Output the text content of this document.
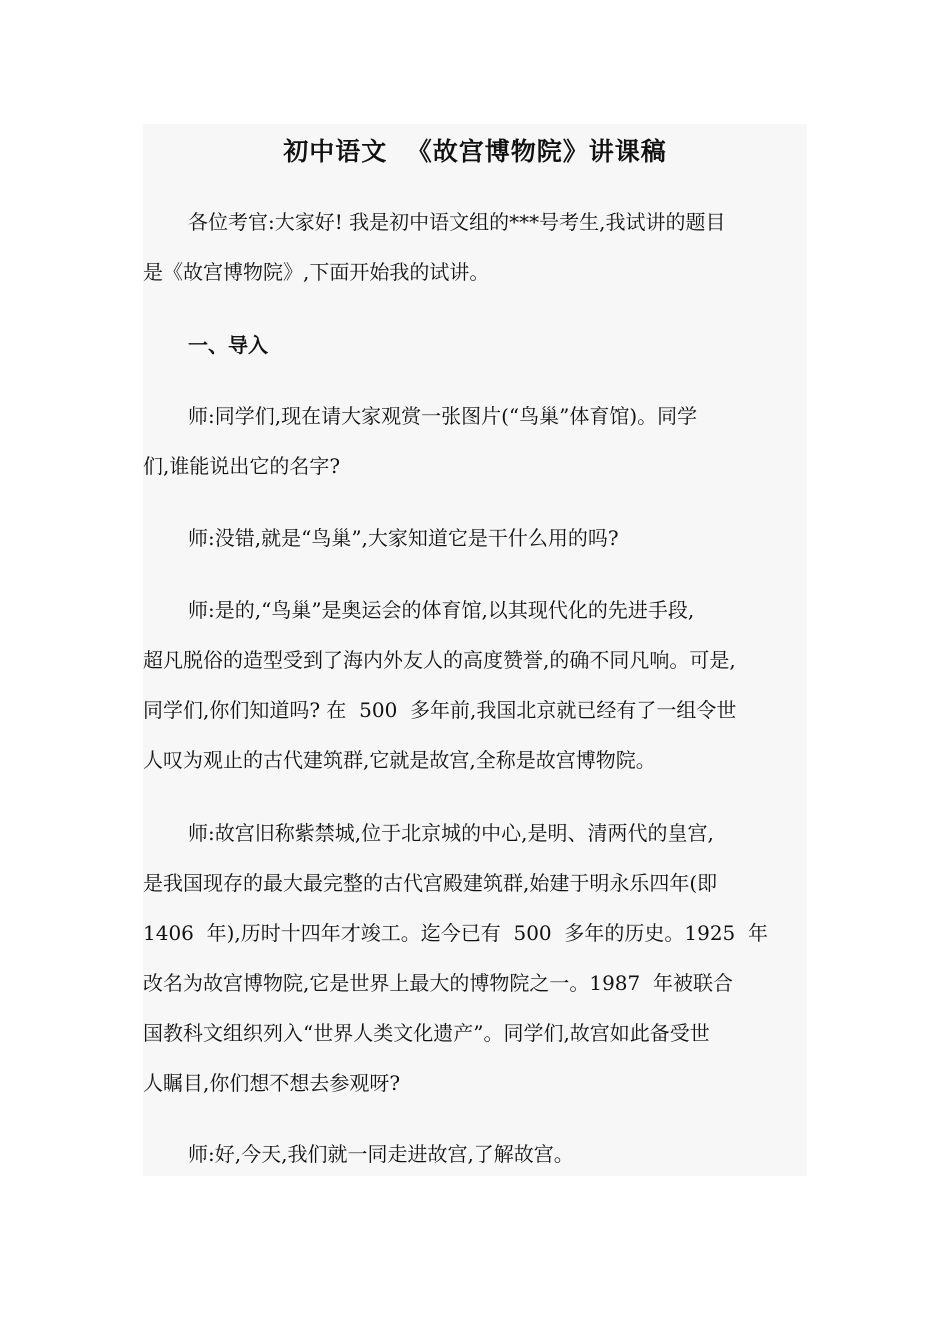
初中语文  《故宫博物院》讲课稿
各位考官:大家好! 我是初中语文组的***号考生,我试讲的题目
是《故宫博物院》,下面开始我的试讲。
一、导入
师:同学们,现在请大家观赏一张图片(“鸟巢”体育馆)。同学
们,谁能说出它的名字?
师:没错,就是“鸟巢”,大家知道它是干什么用的吗?
师:是的,“鸟巢”是奥运会的体育馆,以其现代化的先进手段,
超凡脱俗的造型受到了海内外友人的高度赞誉,的确不同凡响。可是,
同学们,你们知道吗? 在  500  多年前,我国北京就已经有了一组令世
人叹为观止的古代建筑群,它就是故宫,全称是故宫博物院。
师:故宫旧称紫禁城,位于北京城的中心,是明、清两代的皇宫,
是我国现存的最大最完整的古代宫殿建筑群,始建于明永乐四年(即
1406  年),历时十四年才竣工。迄今已有  500  多年的历史。1925  年
改名为故宫博物院,它是世界上最大的博物院之一。1987  年被联合
国教科文组织列入“世界人类文化遗产”。同学们,故宫如此备受世
人瞩目,你们想不想去参观呀?
师:好,今天,我们就一同走进故宫,了解故宫。
